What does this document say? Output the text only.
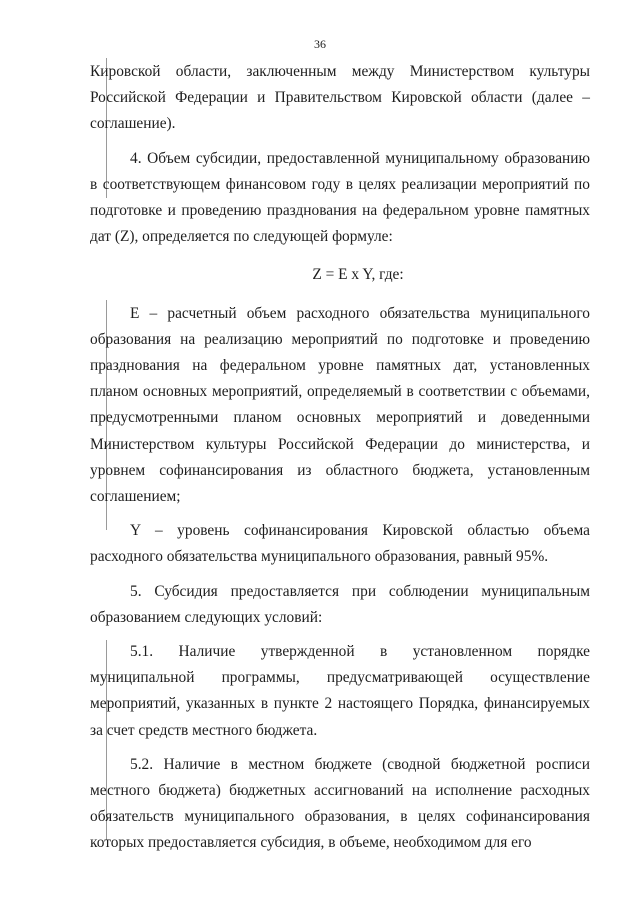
36

Кировской области, заключенным между Министерством культуры Российской Федерации и Правительством Кировской области (далее – соглашение).

4. Объем субсидии, предоставленной муниципальному образованию в соответствующем финансовом году в целях реализации мероприятий по подготовке и проведению празднования на федеральном уровне памятных дат (Z), определяется по следующей формуле:

Z = E x Y, где:

E – расчетный объем расходного обязательства муниципального образования на реализацию мероприятий по подготовке и проведению празднования на федеральном уровне памятных дат, установленных планом основных мероприятий, определяемый в соответствии с объемами, предусмотренными планом основных мероприятий и доведенными Министерством культуры Российской Федерации до министерства, и уровнем софинансирования из областного бюджета, установленным соглашением;

Y – уровень софинансирования Кировской областью объема расходного обязательства муниципального образования, равный 95%.

5. Субсидия предоставляется при соблюдении муниципальным образованием следующих условий:

5.1. Наличие утвержденной в установленном порядке муниципальной программы, предусматривающей осуществление мероприятий, указанных в пункте 2 настоящего Порядка, финансируемых за счет средств местного бюджета.

5.2. Наличие в местном бюджете (сводной бюджетной росписи местного бюджета) бюджетных ассигнований на исполнение расходных обязательств муниципального образования, в целях софинансирования которых предоставляется субсидия, в объеме, необходимом для его
